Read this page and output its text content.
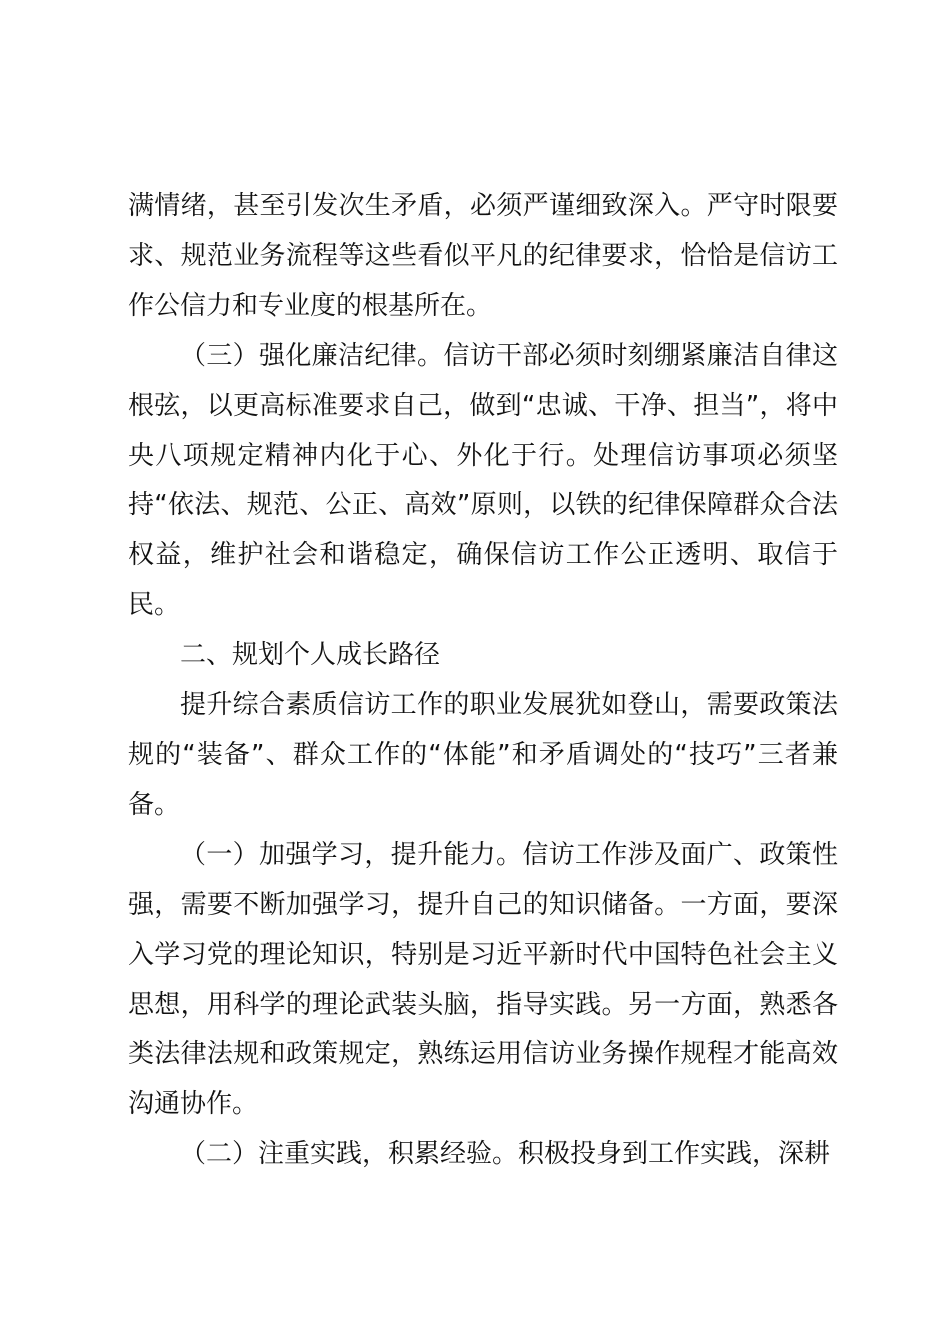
满情绪，甚至引发次生矛盾，必须严谨细致深入。严守时限要求、规范业务流程等这些看似平凡的纪律要求，恰恰是信访工作公信力和专业度的根基所在。

（三）强化廉洁纪律。信访干部必须时刻绷紧廉洁自律这根弦，以更高标准要求自己，做到“忠诚、干净、担当”，将中央八项规定精神内化于心、外化于行。处理信访事项必须坚持“依法、规范、公正、高效”原则，以铁的纪律保障群众合法权益，维护社会和谐稳定，确保信访工作公正透明、取信于民。

二、规划个人成长路径

提升综合素质信访工作的职业发展犹如登山，需要政策法规的“装备”、群众工作的“体能”和矛盾调处的“技巧”三者兼备。

（一）加强学习，提升能力。信访工作涉及面广、政策性强，需要不断加强学习，提升自己的知识储备。一方面，要深入学习党的理论知识，特别是习近平新时代中国特色社会主义思想，用科学的理论武装头脑，指导实践。另一方面，熟悉各类法律法规和政策规定，熟练运用信访业务操作规程才能高效沟通协作。

（二）注重实践，积累经验。积极投身到工作实践，深耕
